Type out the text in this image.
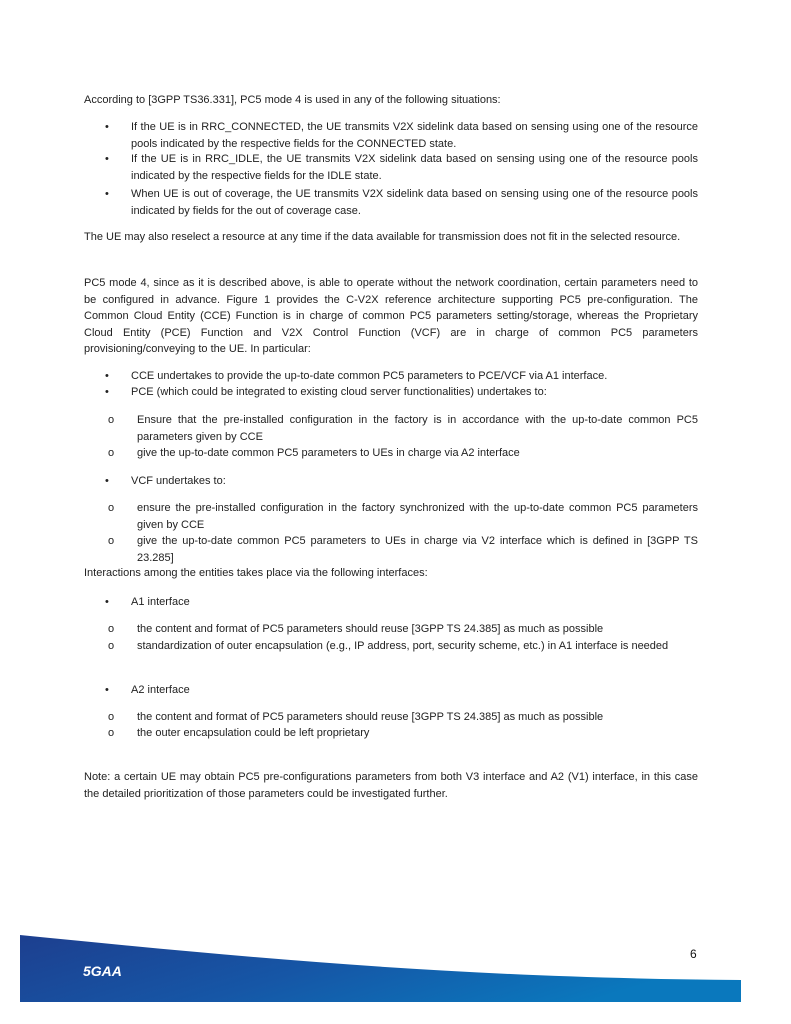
According to [3GPP TS36.331], PC5 mode 4 is used in any of the following situations:
• If the UE is in RRC_CONNECTED, the UE transmits V2X sidelink data based on sensing using one of the resource pools indicated by the respective fields for the CONNECTED state.
• If the UE is in RRC_IDLE, the UE transmits V2X sidelink data based on sensing using one of the resource pools indicated by the respective fields for the IDLE state.
• When UE is out of coverage, the UE transmits V2X sidelink data based on sensing using one of the resource pools indicated by fields for the out of coverage case.
The UE may also reselect a resource at any time if the data available for transmission does not fit in the selected resource.
PC5 mode 4, since as it is described above, is able to operate without the network coordination, certain parameters need to be configured in advance. Figure 1 provides the C-V2X reference architecture supporting PC5 pre-configuration. The Common Cloud Entity (CCE) Function is in charge of common PC5 parameters setting/storage, whereas the Proprietary Cloud Entity (PCE) Function and V2X Control Function (VCF) are in charge of common PC5 parameters provisioning/conveying to the UE. In particular:
• CCE undertakes to provide the up-to-date common PC5 parameters to PCE/VCF via A1 interface.
• PCE (which could be integrated to existing cloud server functionalities) undertakes to:
o Ensure that the pre-installed configuration in the factory is in accordance with the up-to-date common PC5 parameters given by CCE
o give the up-to-date common PC5 parameters to UEs in charge via A2 interface
• VCF undertakes to:
o ensure the pre-installed configuration in the factory synchronized with the up-to-date common PC5 parameters given by CCE
o give the up-to-date common PC5 parameters to UEs in charge via V2 interface which is defined in [3GPP TS 23.285]
Interactions among the entities takes place via the following interfaces:
• A1 interface
o the content and format of PC5 parameters should reuse [3GPP TS 24.385] as much as possible
o standardization of outer encapsulation (e.g., IP address, port, security scheme, etc.) in A1 interface is needed
• A2 interface
o the content and format of PC5 parameters should reuse [3GPP TS 24.385] as much as possible
o the outer encapsulation could be left proprietary
Note: a certain UE may obtain PC5 pre-configurations parameters from both V3 interface and A2 (V1) interface, in this case the detailed prioritization of those parameters could be investigated further.
5GAA
6
